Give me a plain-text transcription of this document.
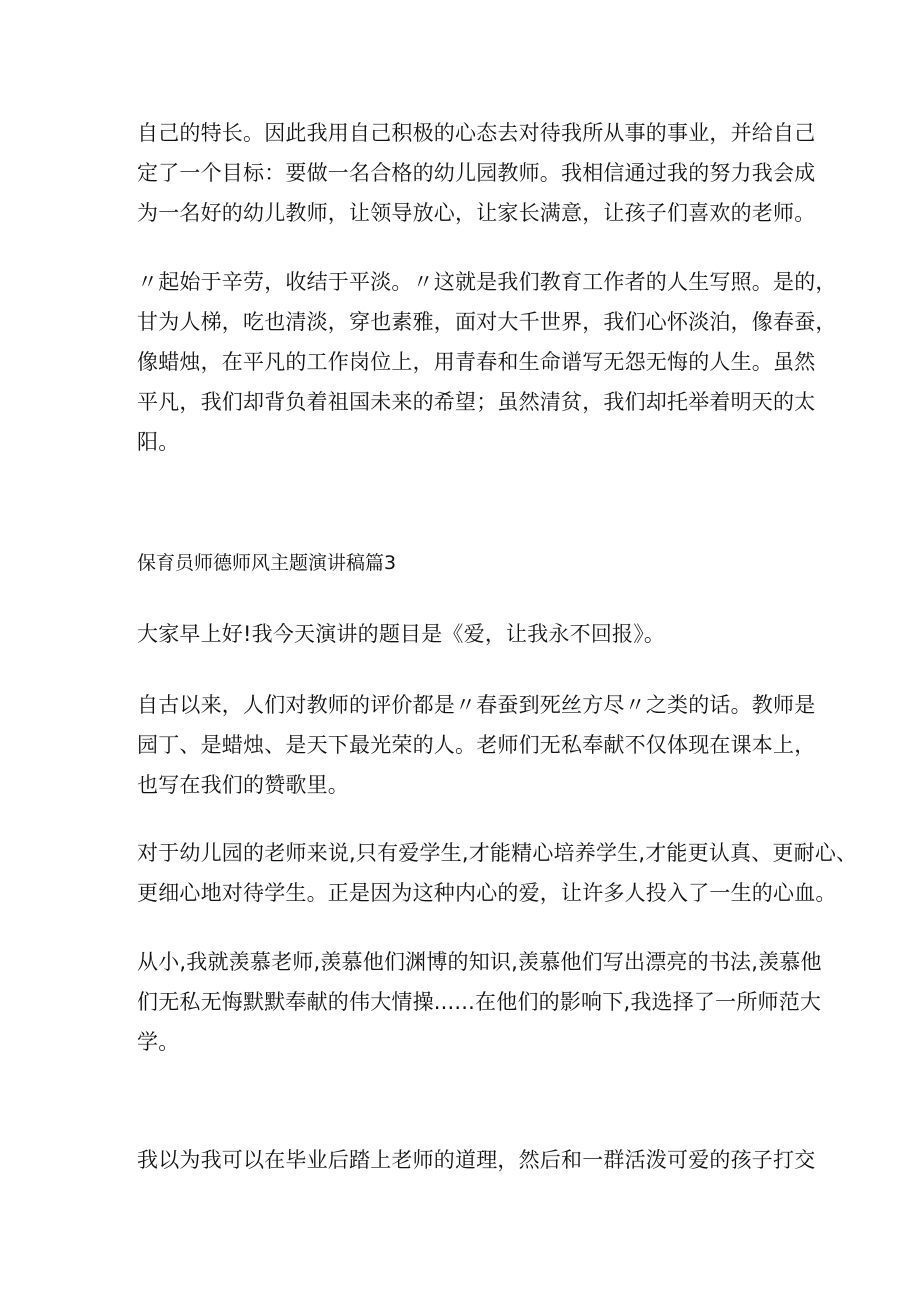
自己的特长。因此我用自己积极的心态去对待我所从事的事业，并给自己
定了一个目标：要做一名合格的幼儿园教师。我相信通过我的努力我会成
为一名好的幼儿教师，让领导放心，让家长满意，让孩子们喜欢的老师。

〃起始于辛劳，收结于平淡。〃这就是我们教育工作者的人生写照。是的，
甘为人梯，吃也清淡，穿也素雅，面对大千世界，我们心怀淡泊，像春蚕，
像蜡烛，在平凡的工作岗位上，用青春和生命谱写无怨无悔的人生。虽然
平凡，我们却背负着祖国未来的希望；虽然清贫，我们却托举着明天的太
阳。

保育员师德师风主题演讲稿篇3

大家早上好!我今天演讲的题目是《爱，让我永不回报》。

自古以来，人们对教师的评价都是〃春蚕到死丝方尽〃之类的话。教师是
园丁、是蜡烛、是天下最光荣的人。老师们无私奉献不仅体现在课本上，
也写在我们的赞歌里。

对于幼儿园的老师来说,只有爱学生,才能精心培养学生,才能更认真、更耐心、
更细心地对待学生。正是因为这种内心的爱，让许多人投入了一生的心血。

从小,我就羡慕老师,羡慕他们渊博的知识,羡慕他们写出漂亮的书法,羡慕他
们无私无悔默默奉献的伟大情操......在他们的影响下,我选择了一所师范大
学。

我以为我可以在毕业后踏上老师的道理，然后和一群活泼可爱的孩子打交
